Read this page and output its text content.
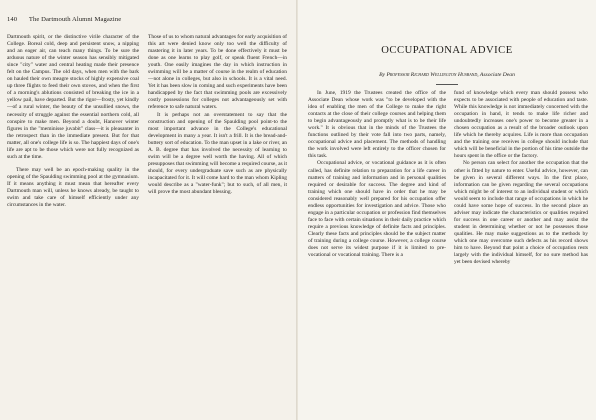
140 The Dartmouth Alumni Magazine

Dartmouth spirit, or the distinctive virile character of the College. Boreal cold, deep and persistent snow, a nipping and an eager air, can teach many things. To be sure the arduous nature of the winter season has sensibly mitigated since "city" water and central heating made their presence felt on the Campus. The old days, when men with the bark on hauled their own meagre stocks of highly expensive coal up three flights to feed their own stoves, and when the first of a morning's ablutions consisted of breaking the ice in a yellow pail, have departed. But the rigor—frosty, yet kindly—of a rural winter, the beauty of the unsullied snows, the necessity of struggle against the essential northern cold, all conspire to make men. Beyond a doubt, Hanover winter figures in the "meminisse juvabit" class—it is pleasanter in the retrospect than in the immediate present. But for that matter, all one's college life is so. The happiest days of one's life are apt to be those which were not fully recognized as such at the time.

There may well be an epoch-making quality in the opening of the Spaulding swimming pool at the gymnasium. If it means anything it must mean that hereafter every Dartmouth man will, unless he knows already, be taught to swim and take care of himself efficiently under any circumstances in the water.

Those of us to whom natural advantages for early acquisition of this art were denied know only too well the difficulty of mastering it in later years. To be done effectively it must be done as one learns to play golf, or speak fluent French—in youth. One easily imagines the day in which instruction in swimming will be a matter of course in the realm of education—not alone in colleges, but also in schools. It is a vital need. Yet it has been slow in coming and such experiments have been handicapped by the fact that swimming pools are excessively costly possessions for colleges not advantageously set with reference to safe natural waters.

It is perhaps not an overstatement to say that the construction and opening of the Spaulding pool point-to the most important advance in the College's educational development in many a year. It isn't a frill. It is the bread-and-buttery sort of education. To the man upset in a lake or river, an A. B. degree that has involved the necessity of learning to swim will be a degree well worth the having. All of which presupposes that swimming will become a required course, as it should, for every undergraduate save such as are physically incapacitated for it. It will come hard to the man whom Kipling would describe as a "water-funk"; but to such, of all men, it will prove the most abundant blessing.

OCCUPATIONAL ADVICE
By Professor Richard Wellington Husband, Associate Dean

In June, 1919 the Trustees created the office of the Associate Dean whose work was "to be developed with the idea of enabling the men of the College to make the right contacts at the close of their college courses and helping them to begin advantageously and promptly what is to be their life work." It is obvious that in the minds of the Trustees the functions outlined by their vote fall into two parts, namely, occupational advice and placement. The methods of handling the work involved were left entirely to the officer chosen for this task.

Occupational advice, or vocational guidance as it is often called, has definite relation to preparation for a life career in matters of training and information and in personal qualities required or desirable for success. The degree and kind of training which one should have in order that he may be considered reasonably well prepared for his occupation offer endless opportunities for investigation and advice. Those who engage in a particular occupation or profession find themselves face to face with certain situations in their daily practice which require a previous knowledge of definite facts and principles. Clearly these facts and principles should be the subject matter of training during a college course. However, a college course does not serve its widest purpose if it is limited to pre-vocational or vocational training. There is a

fund of knowledge which every man should possess who expects to be associated with people of education and taste. While this knowledge is not immediately concerned with the occupation in hand, it tends to make life richer and undoubtedly increases one's power to become greater in a chosen occupation as a result of the broader outlook upon life which he thereby acquires. Life is more than occupation and the training one receives in college should include that which will be beneficial in the portion of his time outside the hours spent in the office or the factory.

No person can select for another the occupation that the other is fitted by nature to enter. Useful advice, however, can be given in several different ways. In the first place, information can be given regarding the several occupations which might be of interest to an individual student or which would seem to include that range of occupations in which he could have some hope of success. In the second place an adviser may indicate the characteristics or qualities required for success in one career or another and may assist the student in determining whether or not he possesses those qualities. He may make suggestions as to the methods by which one may overcome such defects as his record shows him to have. Beyond that point a choice of occupation rests largely with the individual himself, for no sure method has yet been devised whereby
